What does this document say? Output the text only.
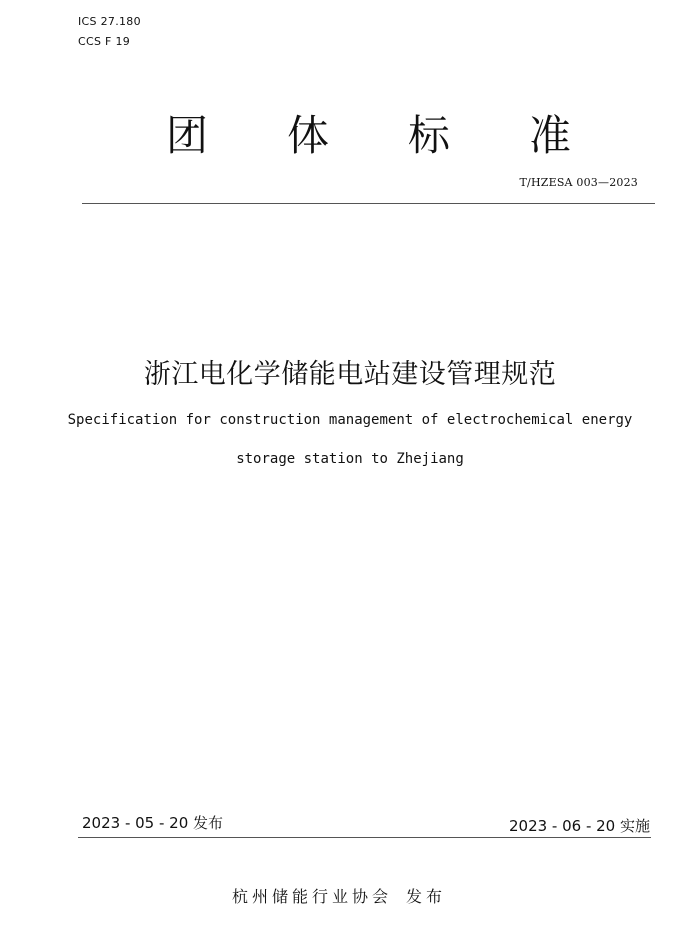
ICS 27.180
CCS F 19
团 体 标 准
T/HZESA 003—2023
浙江电化学储能电站建设管理规范
Specification for construction management of electrochemical energy
storage station to Zhejiang
2023 - 05 - 20 发布	2023 - 06 - 20 实施
杭州储能行业协会 发布
